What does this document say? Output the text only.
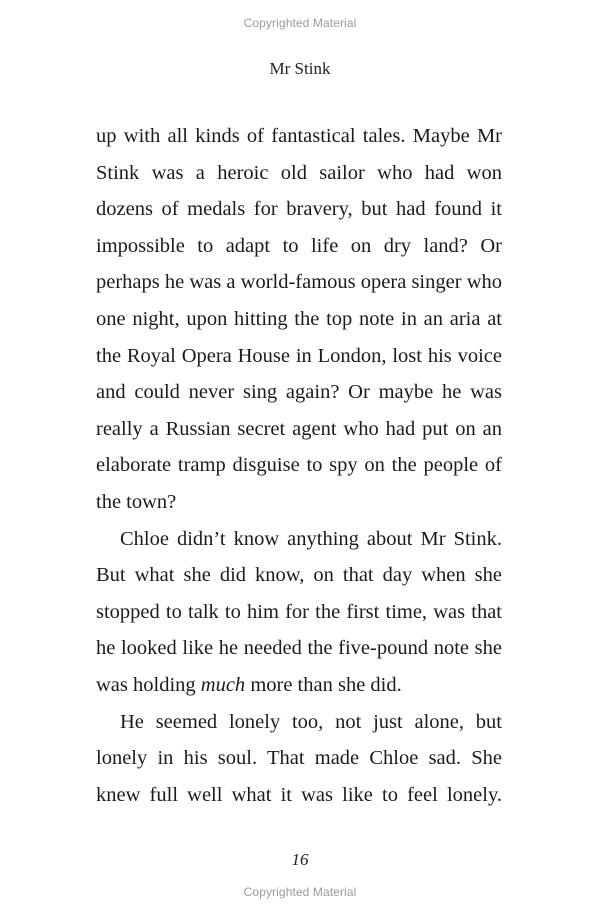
Copyrighted Material
Mr Stink

up with all kinds of fantastical tales. Maybe Mr Stink was a heroic old sailor who had won dozens of medals for bravery, but had found it impossible to adapt to life on dry land? Or perhaps he was a world-famous opera singer who one night, upon hitting the top note in an aria at the Royal Opera House in London, lost his voice and could never sing again? Or maybe he was really a Russian secret agent who had put on an elaborate tramp disguise to spy on the people of the town?

Chloe didn’t know anything about Mr Stink. But what she did know, on that day when she stopped to talk to him for the first time, was that he looked like he needed the five-pound note she was holding much more than she did.

He seemed lonely too, not just alone, but lonely in his soul. That made Chloe sad. She knew full well what it was like to feel lonely.

16
Copyrighted Material
